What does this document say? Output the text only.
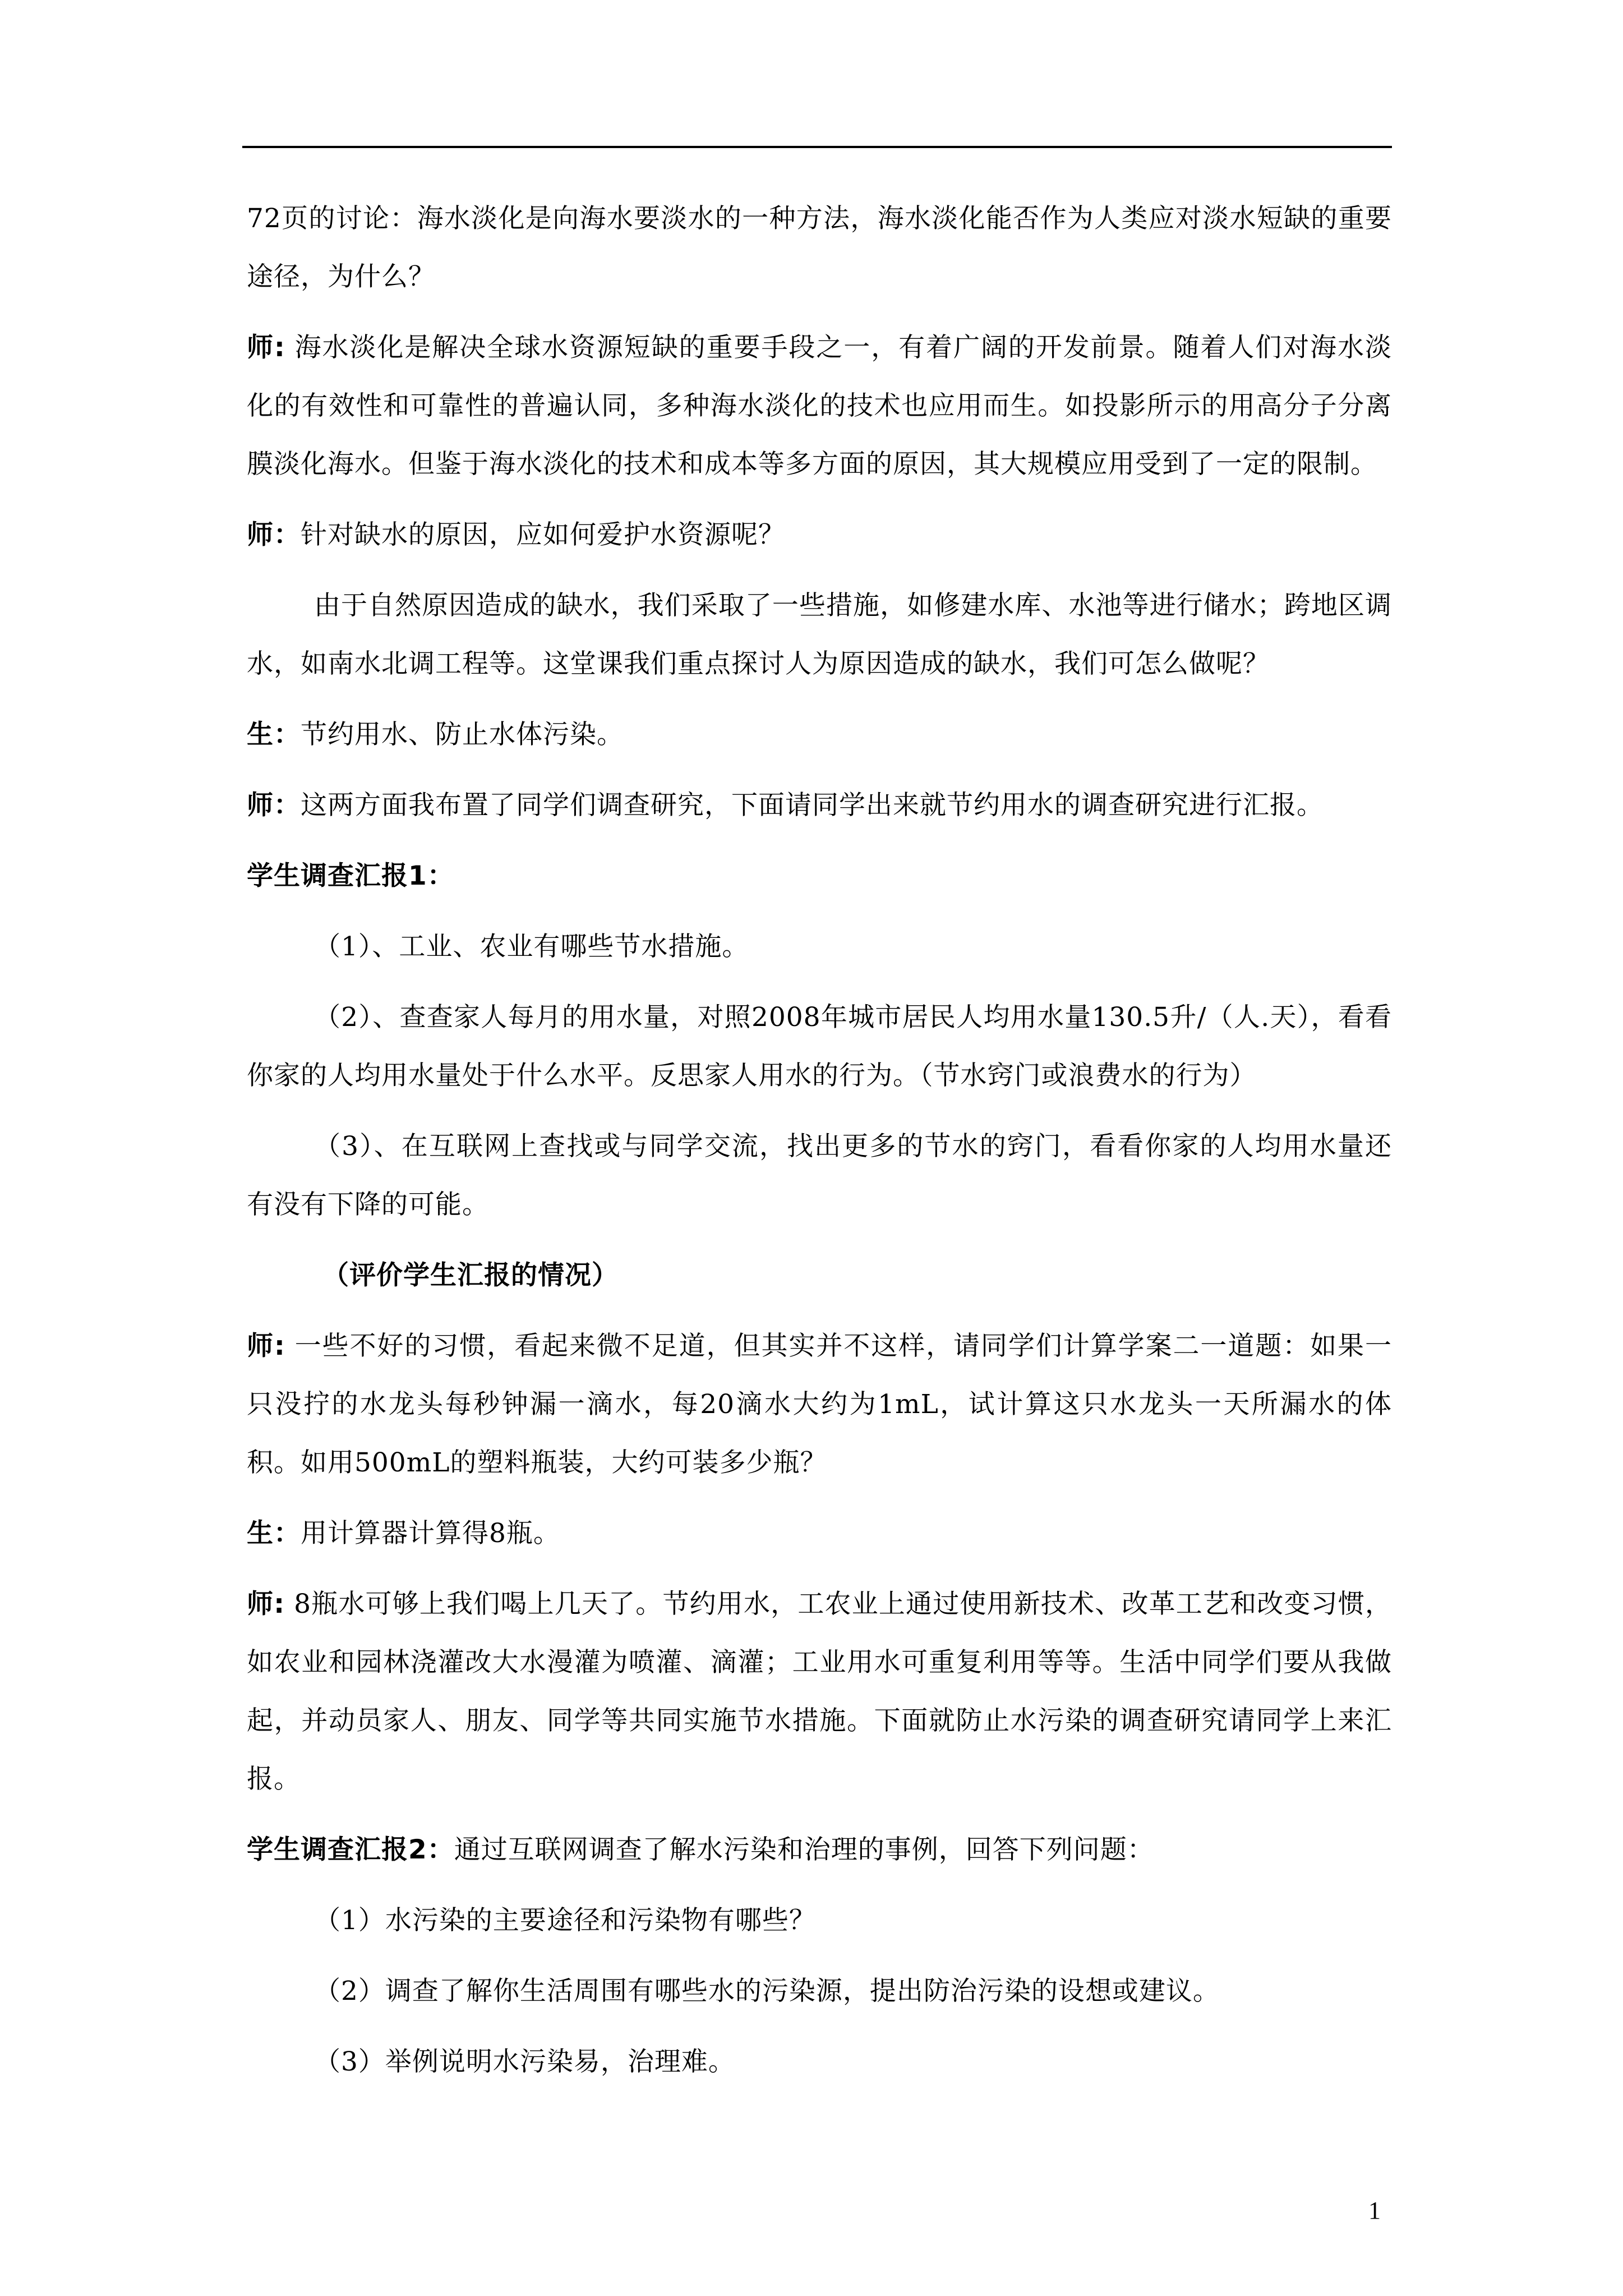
72页的讨论：海水淡化是向海水要淡水的一种方法，海水淡化能否作为人类应对淡水短缺的重要途径，为什么？

师: 海水淡化是解决全球水资源短缺的重要手段之一，有着广阔的开发前景。随着人们对海水淡化的有效性和可靠性的普遍认同，多种海水淡化的技术也应用而生。如投影所示的用高分子分离膜淡化海水。但鉴于海水淡化的技术和成本等多方面的原因，其大规模应用受到了一定的限制。

师：针对缺水的原因，应如何爱护水资源呢？

由于自然原因造成的缺水，我们采取了一些措施，如修建水库、水池等进行储水；跨地区调水，如南水北调工程等。这堂课我们重点探讨人为原因造成的缺水，我们可怎么做呢？

生：节约用水、防止水体污染。

师：这两方面我布置了同学们调查研究，下面请同学出来就节约用水的调查研究进行汇报。

学生调查汇报1：

（1）、工业、农业有哪些节水措施。

（2）、查查家人每月的用水量，对照2008年城市居民人均用水量130.5升/（人.天），看看你家的人均用水量处于什么水平。反思家人用水的行为。（节水窍门或浪费水的行为）

（3）、在互联网上查找或与同学交流，找出更多的节水的窍门，看看你家的人均用水量还有没有下降的可能。

（评价学生汇报的情况）

师: 一些不好的习惯，看起来微不足道，但其实并不这样，请同学们计算学案二一道题：如果一只没拧的水龙头每秒钟漏一滴水，每20滴水大约为1mL，试计算这只水龙头一天所漏水的体积。如用500mL的塑料瓶装，大约可装多少瓶？

生：用计算器计算得8瓶。

师: 8瓶水可够上我们喝上几天了。节约用水，工农业上通过使用新技术、改革工艺和改变习惯，如农业和园林浇灌改大水漫灌为喷灌、滴灌；工业用水可重复利用等等。生活中同学们要从我做起，并动员家人、朋友、同学等共同实施节水措施。下面就防止水污染的调查研究请同学上来汇报。

学生调查汇报2：通过互联网调查了解水污染和治理的事例，回答下列问题：

（1）水污染的主要途径和污染物有哪些？

（2）调查了解你生活周围有哪些水的污染源，提出防治污染的设想或建议。

（3）举例说明水污染易，治理难。

1
